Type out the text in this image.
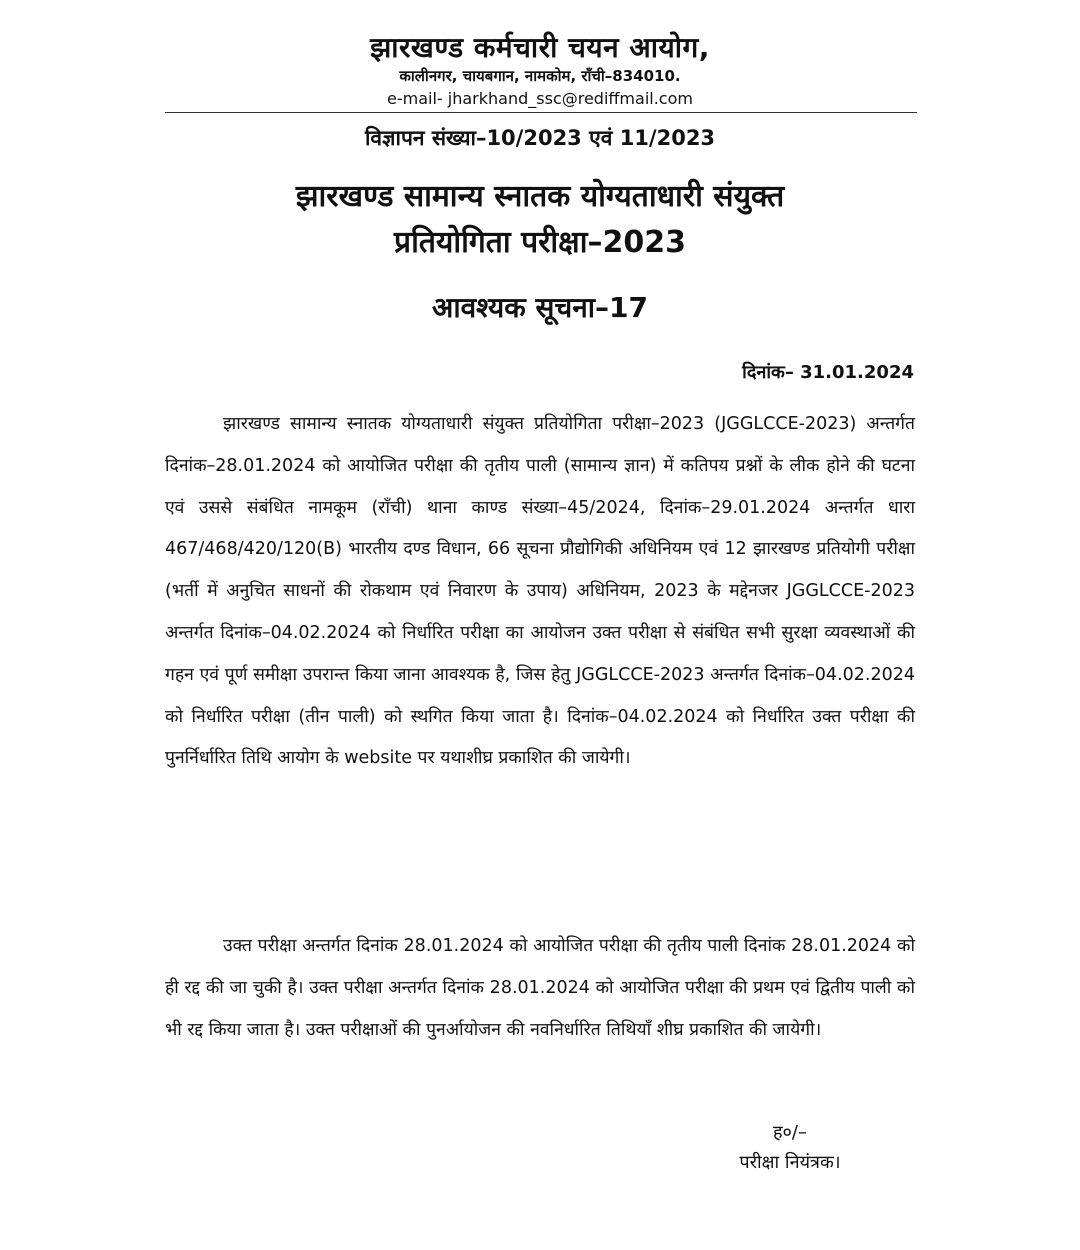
झारखण्ड कर्मचारी चयन आयोग,
कालीनगर, चायबगान, नामकोम, राँची–834010.
e-mail- jharkhand_ssc@rediffmail.com
विज्ञापन संख्या–10/2023 एवं 11/2023
झारखण्ड सामान्य स्नातक योग्यताधारी संयुक्त
प्रतियोगिता परीक्षा–2023
आवश्यक सूचना–17
दिनांक– 31.01.2024

झारखण्ड सामान्य स्नातक योग्यताधारी संयुक्त प्रतियोगिता परीक्षा–2023 (JGGLCCE-2023) अन्तर्गत दिनांक–28.01.2024 को आयोजित परीक्षा की तृतीय पाली (सामान्य ज्ञान) में कतिपय प्रश्नों के लीक होने की घटना एवं उससे संबंधित नामकूम (राँची) थाना काण्ड संख्या–45/2024, दिनांक–29.01.2024 अन्तर्गत धारा 467/468/420/120(B) भारतीय दण्ड विधान, 66 सूचना प्रौद्योगिकी अधिनियम एवं 12 झारखण्ड प्रतियोगी परीक्षा (भर्ती में अनुचित साधनों की रोकथाम एवं निवारण के उपाय) अधिनियम, 2023 के मद्देनजर JGGLCCE-2023 अन्तर्गत दिनांक–04.02.2024 को निर्धारित परीक्षा का आयोजन उक्त परीक्षा से संबंधित सभी सुरक्षा व्यवस्थाओं की गहन एवं पूर्ण समीक्षा उपरान्त किया जाना आवश्यक है, जिस हेतु JGGLCCE-2023 अन्तर्गत दिनांक–04.02.2024 को निर्धारित परीक्षा (तीन पाली) को स्थगित किया जाता है। दिनांक–04.02.2024 को निर्धारित उक्त परीक्षा की पुनर्निर्धारित तिथि आयोग के website पर यथाशीघ्र प्रकाशित की जायेगी।

उक्त परीक्षा अन्तर्गत दिनांक 28.01.2024 को आयोजित परीक्षा की तृतीय पाली दिनांक 28.01.2024 को ही रद्द की जा चुकी है। उक्त परीक्षा अन्तर्गत दिनांक 28.01.2024 को आयोजित परीक्षा की प्रथम एवं द्वितीय पाली को भी रद्द किया जाता है। उक्त परीक्षाओं की पुनर्आयोजन की नवनिर्धारित तिथियाँ शीघ्र प्रकाशित की जायेगी।

ह०/–
परीक्षा नियंत्रक।
